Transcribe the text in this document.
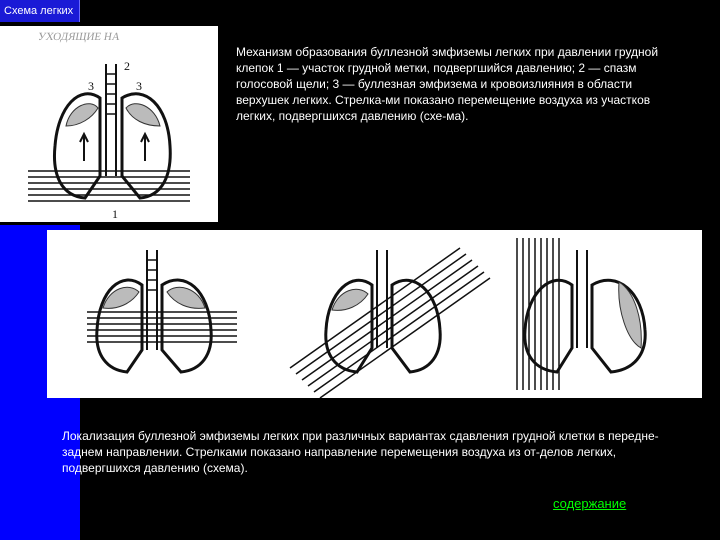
Схема легких
УХОДЯЩИЕ НА
2
3	3
1
Механизм образования буллезной эмфиземы легких при давлении грудной клепок 1 — участок грудной метки, подвергшийся давлению; 2 — спазм голосовой щели; 3 — буллезная эмфизема и кровоизлияния в области верхушек легких. Стрелка-ми показано перемещение воздуха из участков легких, подвергшихся давлению (схе-ма).
Локализация буллезной эмфиземы легких при различных вариантах сдавления грудной клетки в передне- заднем направлении. Стрелками показано направление перемещения воздуха из от-делов легких, подвергшихся давлению (схема).
содержание
